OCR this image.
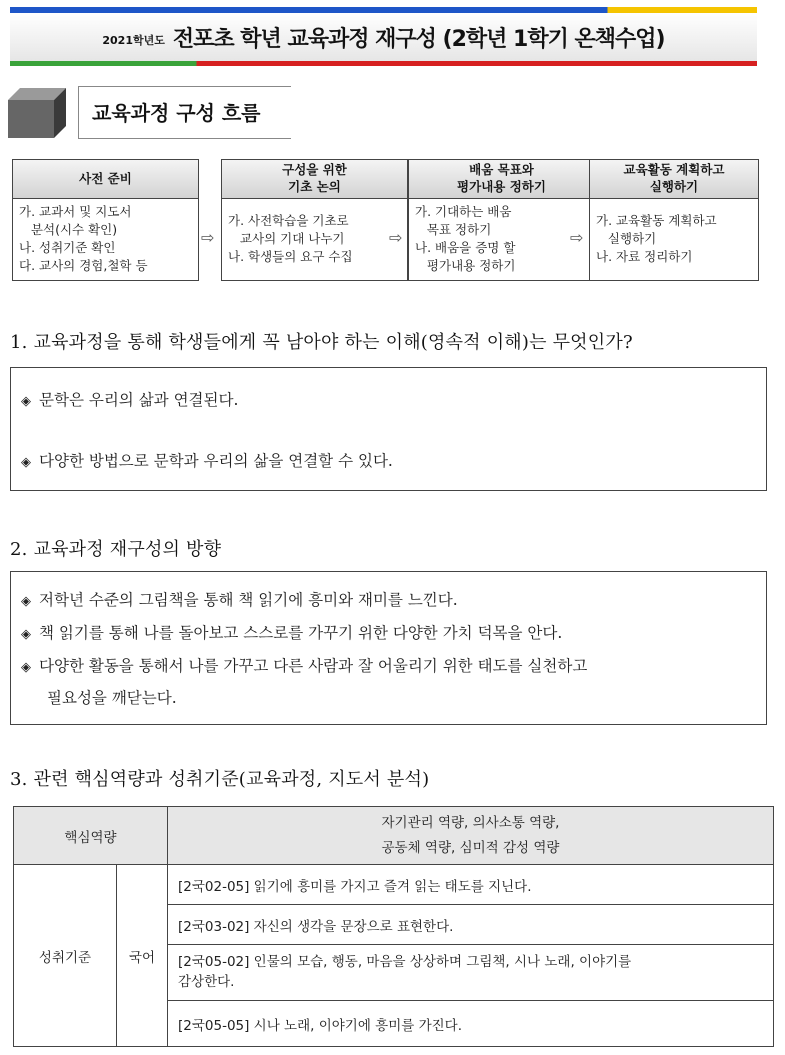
2021학년도 전포초 학년 교육과정 재구성 (2학년 1학기 온책수업)
교육과정 구성 흐름
사전 준비
가. 교과서 및 지도서
분석(시수 확인)
나. 성취기준 확인
다. 교사의 경험,철학 등
⇨
구성을 위한
기초 논의
가. 사전학습을 기초로
교사의 기대 나누기
나. 학생들의 요구 수집
⇨
배움 목표와
평가내용 정하기
가. 기대하는 배움
목표 정하기
나. 배움을 증명 할
평가내용 정하기
⇨
교육활동 계획하고
실행하기
가. 교육활동 계획하고
실행하기
나. 자료 정리하기
1. 교육과정을 통해 학생들에게 꼭 남아야 하는 이해(영속적 이해)는 무엇인가?
◈ 문학은 우리의 삶과 연결된다.
◈ 다양한 방법으로 문학과 우리의 삶을 연결할 수 있다.
2. 교육과정 재구성의 방향
◈ 저학년 수준의 그림책을 통해 책 읽기에 흥미와 재미를 느낀다.
◈ 책 읽기를 통해 나를 돌아보고 스스로를 가꾸기 위한 다양한 가치 덕목을 안다.
◈ 다양한 활동을 통해서 나를 가꾸고 다른 사람과 잘 어울리기 위한 태도를 실천하고
필요성을 깨닫는다.
3. 관련 핵심역량과 성취기준(교육과정, 지도서 분석)
핵심역량		자기관리 역량, 의사소통 역량,
공동체 역량, 심미적 감성 역량
성취기준	국어	[2국02-05] 읽기에 흥미를 가지고 즐겨 읽는 태도를 지닌다.
		[2국03-02] 자신의 생각을 문장으로 표현한다.
		[2국05-02] 인물의 모습, 행동, 마음을 상상하며 그림책, 시나 노래, 이야기를
감상한다.
		[2국05-05] 시나 노래, 이야기에 흥미를 가진다.
